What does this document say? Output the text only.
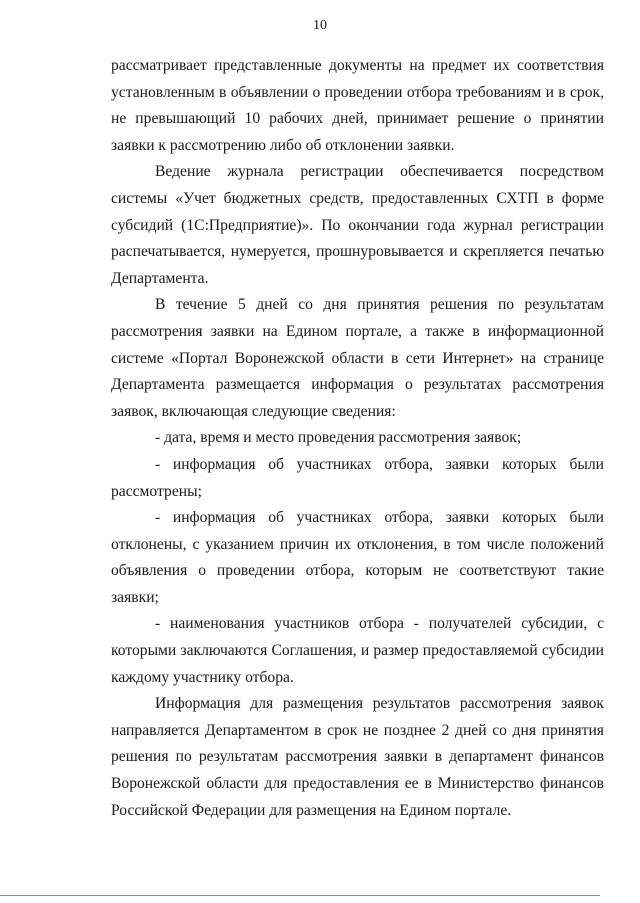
10

рассматривает представленные документы на предмет их соответствия установленным в объявлении о проведении отбора требованиям и в срок, не превышающий 10 рабочих дней, принимает решение о принятии заявки к рассмотрению либо об отклонении заявки.

Ведение журнала регистрации обеспечивается посредством системы «Учет бюджетных средств, предоставленных СХТП в форме субсидий (1С:Предприятие)». По окончании года журнал регистрации распечатывается, нумеруется, прошнуровывается и скрепляется печатью Департамента.

В течение 5 дней со дня принятия решения по результатам рассмотрения заявки на Едином портале, а также в информационной системе «Портал Воронежской области в сети Интернет» на странице Департамента размещается информация о результатах рассмотрения заявок, включающая следующие сведения:

- дата, время и место проведения рассмотрения заявок;

- информация об участниках отбора, заявки которых были рассмотрены;

- информация об участниках отбора, заявки которых были отклонены, с указанием причин их отклонения, в том числе положений объявления о проведении отбора, которым не соответствуют такие заявки;

- наименования участников отбора - получателей субсидии, с которыми заключаются Соглашения, и размер предоставляемой субсидии каждому участнику отбора.

Информация для размещения результатов рассмотрения заявок направляется Департаментом в срок не позднее 2 дней со дня принятия решения по результатам рассмотрения заявки в департамент финансов Воронежской области для предоставления ее в Министерство финансов Российской Федерации для размещения на Едином портале.
